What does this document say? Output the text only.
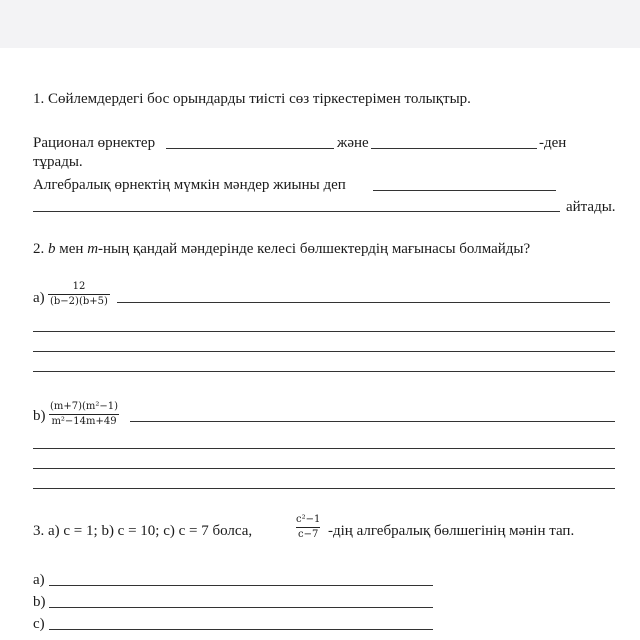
1. Сөйлемдердегі бос орындарды тиісті сөз тіркестерімен толықтыр.
Рационал өрнектер	және	-ден
тұрады.
Алгебралық өрнектің мүмкін мәндер жиыны деп
айтады.
2. b мен m-ның қандай мәндерінде келесі бөлшектердің мағынасы болмайды?
$a) \frac{12}{(b-2)(b+5)}$
$b) \frac{\text{(m+7)(m²−1)}}{\text{m²−14m+49}}$
3. a) c = 1; b) c = 10; c) c = 7 болса,	$\frac{\text{c²−1}}{c-7} -дің$ алгебралық бөлшегінің мәнін тап.
a)
b)
c)
